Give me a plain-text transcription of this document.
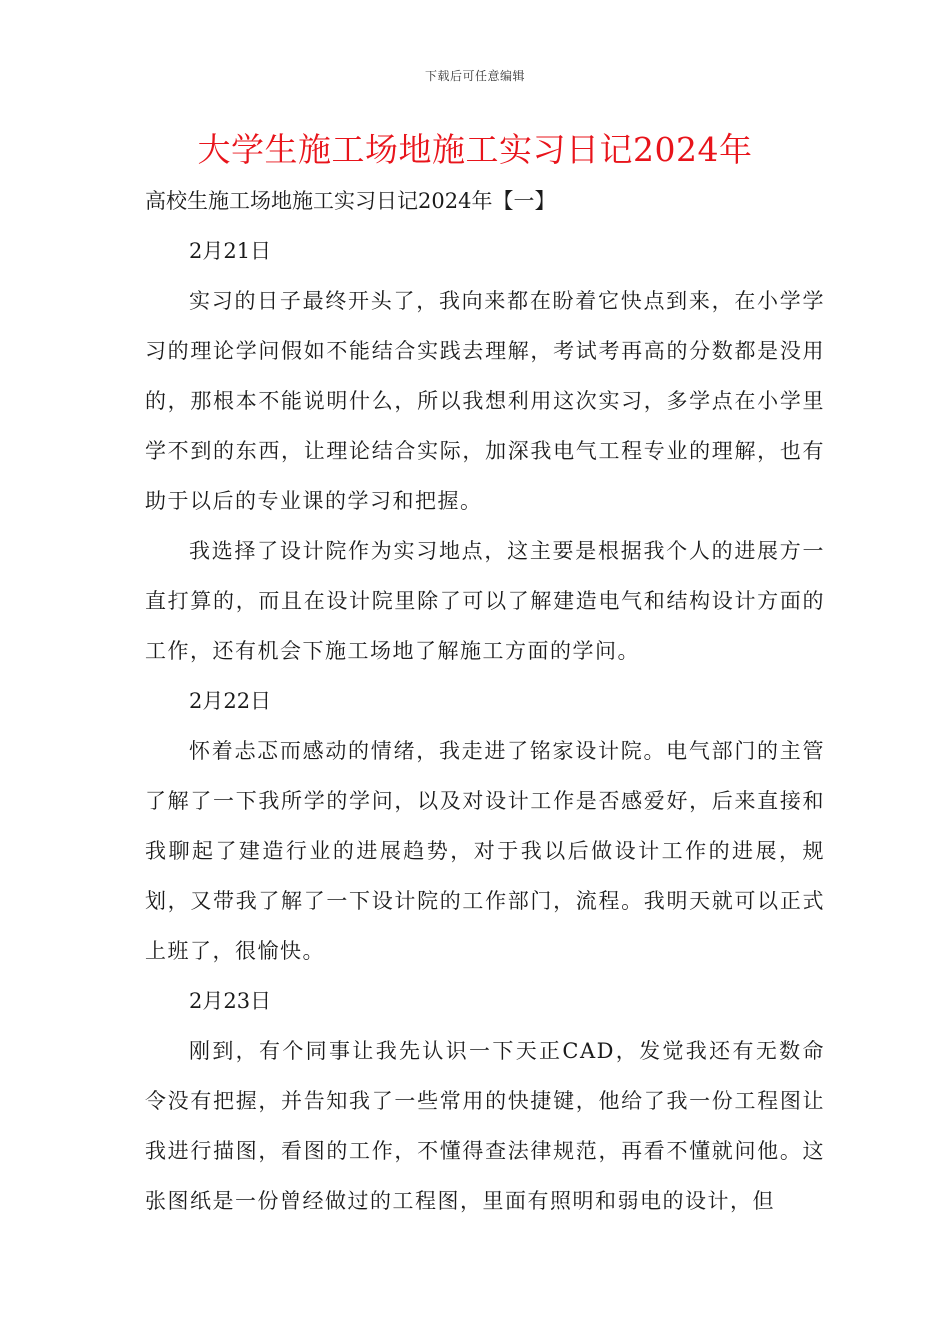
下载后可任意编辑
大学生施工场地施工实习日记2024年

高校生施工场地施工实习日记2024年【一】

2月21日

实习的日子最终开头了，我向来都在盼着它快点到来，在小学学习的理论学问假如不能结合实践去理解，考试考再高的分数都是没用的，那根本不能说明什么，所以我想利用这次实习，多学点在小学里学不到的东西，让理论结合实际，加深我电气工程专业的理解，也有助于以后的专业课的学习和把握。

我选择了设计院作为实习地点，这主要是根据我个人的进展方一直打算的，而且在设计院里除了可以了解建造电气和结构设计方面的工作，还有机会下施工场地了解施工方面的学问。

2月22日

怀着忐忑而感动的情绪，我走进了铭家设计院。电气部门的主管了解了一下我所学的学问，以及对设计工作是否感爱好，后来直接和我聊起了建造行业的进展趋势，对于我以后做设计工作的进展，规划，又带我了解了一下设计院的工作部门，流程。我明天就可以正式上班了，很愉快。

2月23日

刚到，有个同事让我先认识一下天正CAD，发觉我还有无数命令没有把握，并告知我了一些常用的快捷键，他给了我一份工程图让我进行描图，看图的工作，不懂得查法律规范，再看不懂就问他。这张图纸是一份曾经做过的工程图，里面有照明和弱电的设计，但
